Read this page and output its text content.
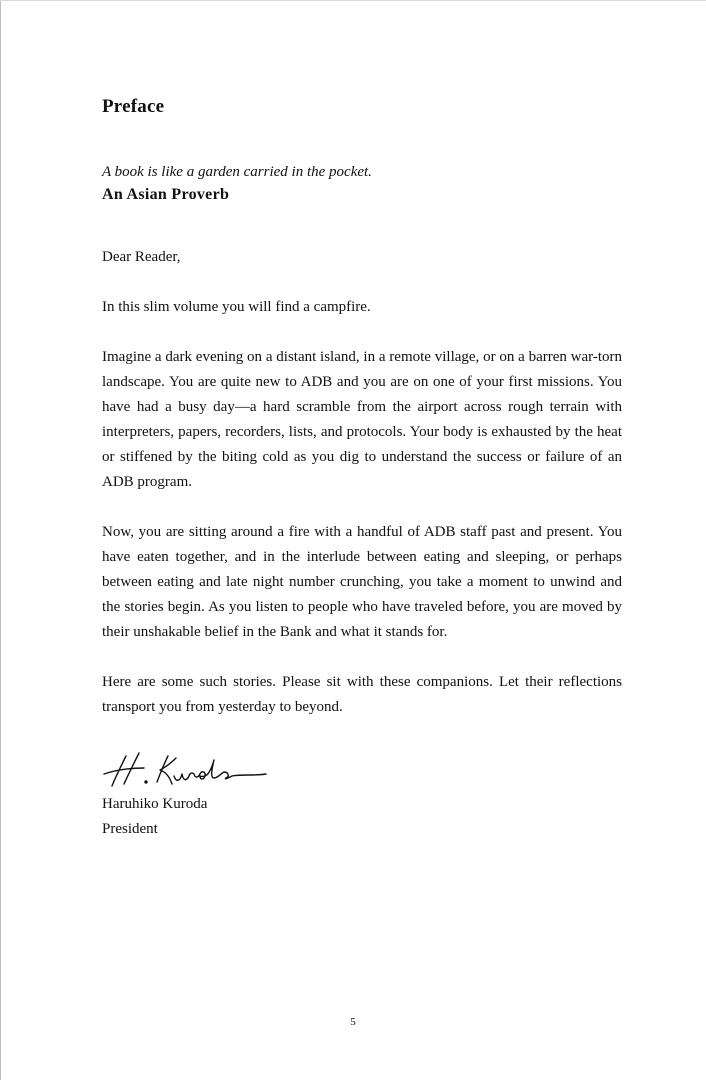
Preface
A book is like a garden carried in the pocket.
An Asian Proverb
Dear Reader,
In this slim volume you will find a campfire.
Imagine a dark evening on a distant island, in a remote village, or on a barren war-torn landscape. You are quite new to ADB and you are on one of your first missions. You have had a busy day—a hard scramble from the airport across rough terrain with interpreters, papers, recorders, lists, and protocols. Your body is exhausted by the heat or stiffened by the biting cold as you dig to understand the success or failure of an ADB program.
Now, you are sitting around a fire with a handful of ADB staff past and present. You have eaten together, and in the interlude between eating and sleeping, or perhaps between eating and late night number crunching, you take a moment to unwind and the stories begin. As you listen to people who have traveled before, you are moved by their unshakable belief in the Bank and what it stands for.
Here are some such stories. Please sit with these companions. Let their reflections transport you from yesterday to beyond.
Haruhiko Kuroda
President
5
